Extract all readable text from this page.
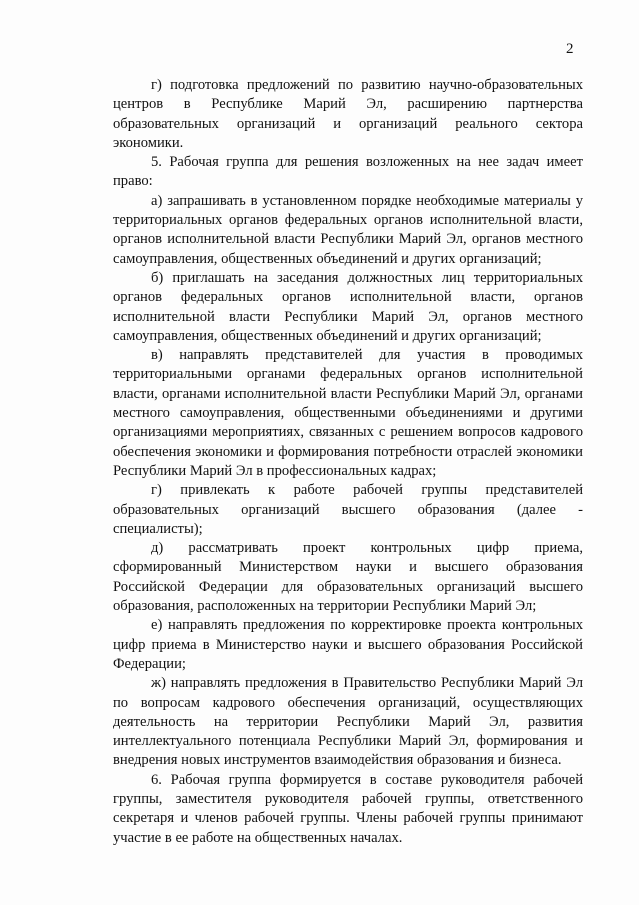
2

г) подготовка предложений по развитию научно-образовательных центров в Республике Марий Эл, расширению партнерства образовательных организаций и организаций реального сектора экономики.

5. Рабочая группа для решения возложенных на нее задач имеет право:

а) запрашивать в установленном порядке необходимые материалы у территориальных органов федеральных органов исполнительной власти, органов исполнительной власти Республики Марий Эл, органов местного самоуправления, общественных объединений и других организаций;

б) приглашать на заседания должностных лиц территориальных органов федеральных органов исполнительной власти, органов исполнительной власти Республики Марий Эл, органов местного самоуправления, общественных объединений и других организаций;

в) направлять представителей для участия в проводимых территориальными органами федеральных органов исполнительной власти, органами исполнительной власти Республики Марий Эл, органами местного самоуправления, общественными объединениями и другими организациями мероприятиях, связанных с решением вопросов кадрового обеспечения экономики и формирования потребности отраслей экономики Республики Марий Эл в профессиональных кадрах;

г) привлекать к работе рабочей группы представителей образовательных организаций высшего образования (далее - специалисты);

д) рассматривать проект контрольных цифр приема, сформированный Министерством науки и высшего образования Российской Федерации для образовательных организаций высшего образования, расположенных на территории Республики Марий Эл;

е) направлять предложения по корректировке проекта контрольных цифр приема в Министерство науки и высшего образования Российской Федерации;

ж) направлять предложения в Правительство Республики Марий Эл по вопросам кадрового обеспечения организаций, осуществляющих деятельность на территории Республики Марий Эл, развития интеллектуального потенциала Республики Марий Эл, формирования и внедрения новых инструментов взаимодействия образования и бизнеса.

6. Рабочая группа формируется в составе руководителя рабочей группы, заместителя руководителя рабочей группы, ответственного секретаря и членов рабочей группы. Члены рабочей группы принимают участие в ее работе на общественных началах.
